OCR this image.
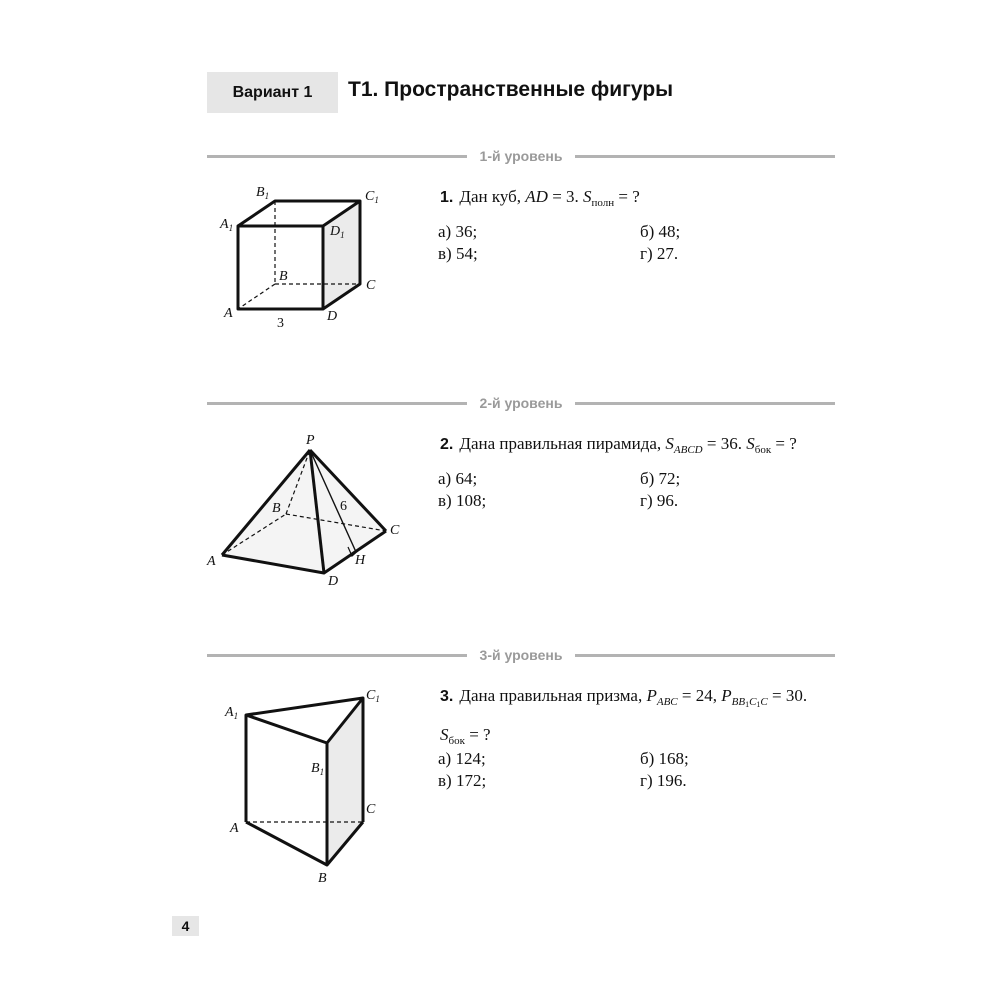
Вариант 1	Т1. Пространственные фигуры
1-й уровень
$B_1$	$C_1$
$A_1$	$D_1$
B
C
A	D
3
1. Дан куб, AD = 3. $S_{полн}$ = ?
а) 36;	б) 48;
в) 54;	г) 27.
2-й уровень
P
B
C
A
D
H
6
2. Дана правильная пирамида, $S_{ABCD} = 36$. $S_{бок}$ = ?
а) 64;	б) 72;
в) 108;	г) 96.
3-й уровень
$A_1$
$C_1$
$B_1$
C
A
B
3. Дана правильная призма, $P_{ABC} = 24$, $P_{BB_1C_1C} = 30$.
$S_{бок}$ = ?
а) 124;	б) 168;
в) 172;	г) 196.
4
